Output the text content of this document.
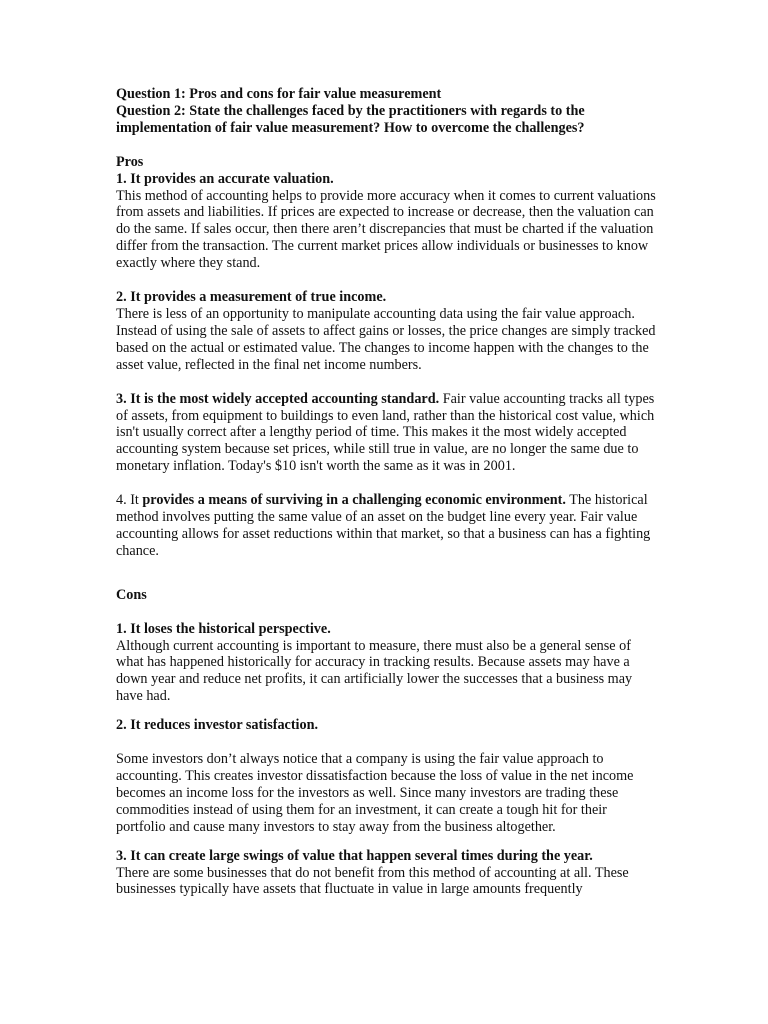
Question 1: Pros and cons for fair value measurement

Question 2: State the challenges faced by the practitioners with regards to the implementation of fair value measurement? How to overcome the challenges?

Pros

1. It provides an accurate valuation.

This method of accounting helps to provide more accuracy when it comes to current valuations from assets and liabilities. If prices are expected to increase or decrease, then the valuation can do the same. If sales occur, then there aren’t discrepancies that must be charted if the valuation differ from the transaction. The current market prices allow individuals or businesses to know exactly where they stand.

2. It provides a measurement of true income.

There is less of an opportunity to manipulate accounting data using the fair value approach. Instead of using the sale of assets to affect gains or losses, the price changes are simply tracked based on the actual or estimated value. The changes to income happen with the changes to the asset value, reflected in the final net income numbers.

3. It is the most widely accepted accounting standard. Fair value accounting tracks all types of assets, from equipment to buildings to even land, rather than the historical cost value, which isn't usually correct after a lengthy period of time. This makes it the most widely accepted accounting system because set prices, while still true in value, are no longer the same due to monetary inflation. Today's $10 isn't worth the same as it was in 2001.

4. It provides a means of surviving in a challenging economic environment. The historical method involves putting the same value of an asset on the budget line every year. Fair value accounting allows for asset reductions within that market, so that a business can has a fighting chance.

Cons

1. It loses the historical perspective.

Although current accounting is important to measure, there must also be a general sense of what has happened historically for accuracy in tracking results. Because assets may have a down year and reduce net profits, it can artificially lower the successes that a business may have had.

2. It reduces investor satisfaction.

Some investors don’t always notice that a company is using the fair value approach to accounting. This creates investor dissatisfaction because the loss of value in the net income becomes an income loss for the investors as well. Since many investors are trading these commodities instead of using them for an investment, it can create a tough hit for their portfolio and cause many investors to stay away from the business altogether.

3. It can create large swings of value that happen several times during the year.

There are some businesses that do not benefit from this method of accounting at all. These businesses typically have assets that fluctuate in value in large amounts frequently
